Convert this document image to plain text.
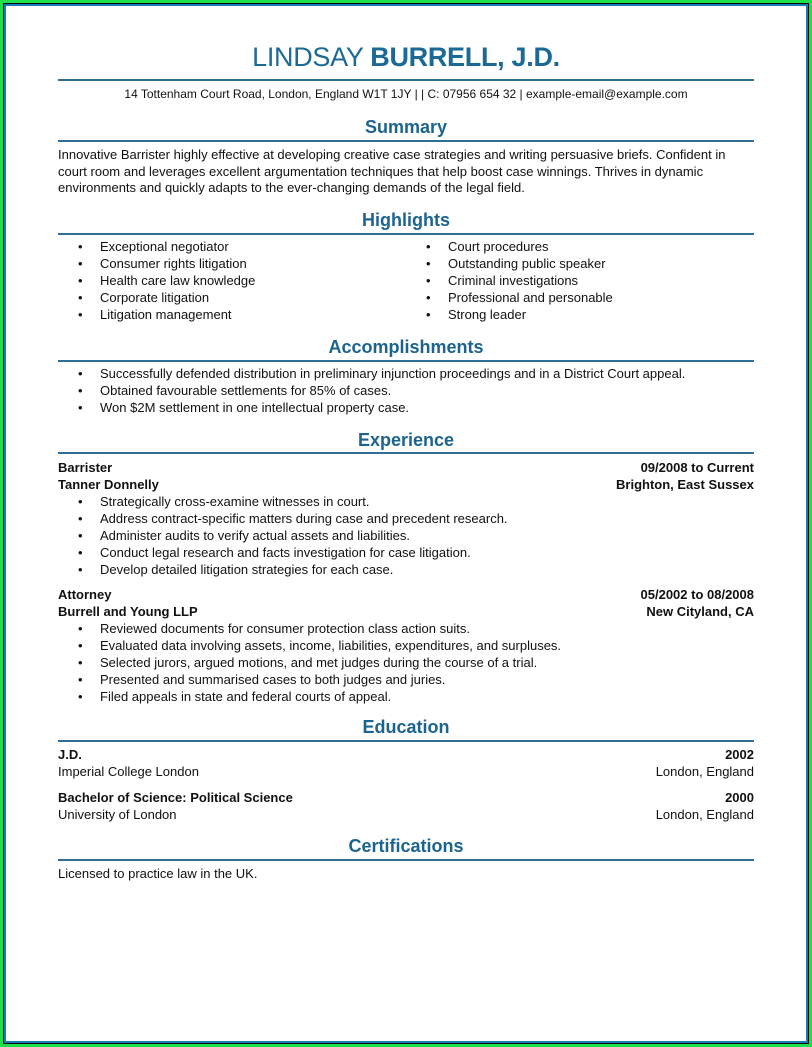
LINDSAY BURRELL, J.D.
14 Tottenham Court Road, London, England W1T 1JY | | C: 07956 654 32 | example-email@example.com
Summary
Innovative Barrister highly effective at developing creative case strategies and writing persuasive briefs. Confident in court room and leverages excellent argumentation techniques that help boost case winnings. Thrives in dynamic environments and quickly adapts to the ever-changing demands of the legal field.
Highlights
• Exceptional negotiator
• Consumer rights litigation
• Health care law knowledge
• Corporate litigation
• Litigation management
• Court procedures
• Outstanding public speaker
• Criminal investigations
• Professional and personable
• Strong leader
Accomplishments
• Successfully defended distribution in preliminary injunction proceedings and in a District Court appeal.
• Obtained favourable settlements for 85% of cases.
• Won $2M settlement in one intellectual property case.
Experience
Barrister	09/2008 to Current
Tanner Donnelly	Brighton, East Sussex
• Strategically cross-examine witnesses in court.
• Address contract-specific matters during case and precedent research.
• Administer audits to verify actual assets and liabilities.
• Conduct legal research and facts investigation for case litigation.
• Develop detailed litigation strategies for each case.
Attorney	05/2002 to 08/2008
Burrell and Young LLP	New Cityland, CA
• Reviewed documents for consumer protection class action suits.
• Evaluated data involving assets, income, liabilities, expenditures, and surpluses.
• Selected jurors, argued motions, and met judges during the course of a trial.
• Presented and summarised cases to both judges and juries.
• Filed appeals in state and federal courts of appeal.
Education
J.D.	2002
Imperial College London	London, England
Bachelor of Science: Political Science	2000
University of London	London, England
Certifications
Licensed to practice law in the UK.
